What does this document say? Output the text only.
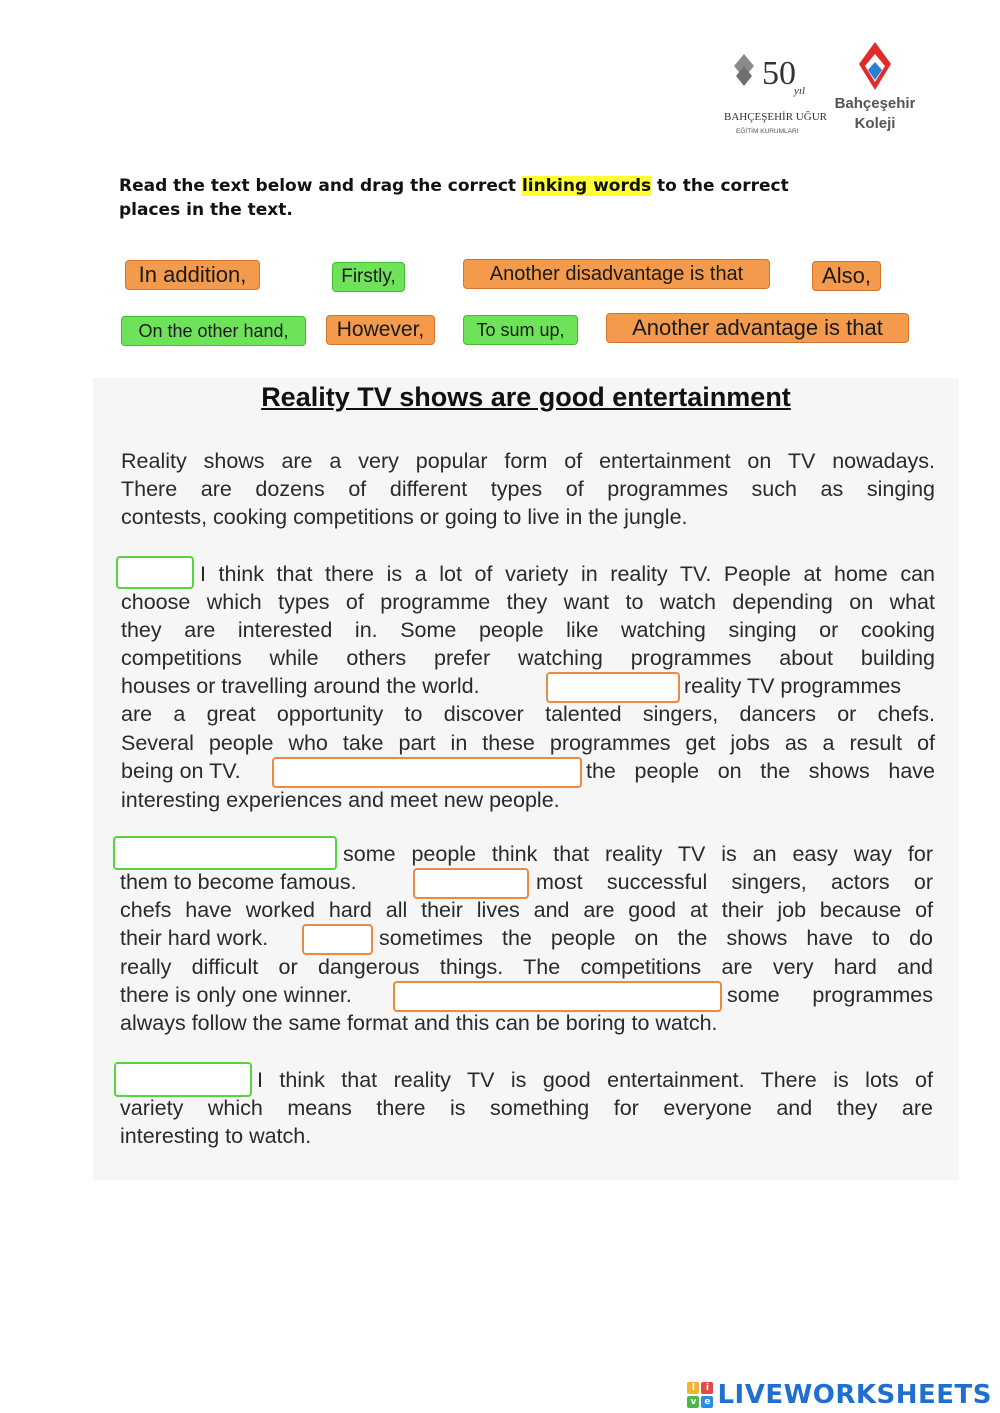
50
yıl
BAHÇEŞEHİR UĞUR
EĞİTİM KURUMLARI
Bahçeşehir
Koleji
Read the text below and drag the correct linking words to the correct places in the text.
In addition,	Firstly,	Another disadvantage is that	Also,
On the other hand,	However,	To sum up,	Another advantage is that
Reality TV shows are good entertainment
Reality shows are a very popular form of entertainment on TV nowadays.
There are dozens of different types of programmes such as singing
contests, cooking competitions or going to live in the jungle.
I think that there is a lot of variety in reality TV. People at home can
choose which types of programme they want to watch depending on what
they are interested in. Some people like watching singing or cooking
competitions while others prefer watching programmes about building
houses or travelling around the world.	reality TV programmes
are a great opportunity to discover talented singers, dancers or chefs.
Several people who take part in these programmes get jobs as a result of
being on TV.	the people on the shows have
interesting experiences and meet new people.
some people think that reality TV is an easy way for
them to become famous.	most successful singers, actors or
chefs have worked hard all their lives and are good at their job because of
their hard work.	sometimes the people on the shows have to do
really difficult or dangerous things. The competitions are very hard and
there is only one winner.	some programmes
always follow the same format and this can be boring to watch.
I think that reality TV is good entertainment. There is lots of
variety which means there is something for everyone and they are
interesting to watch.
l	i
v e LIVEWORKSHEETS
